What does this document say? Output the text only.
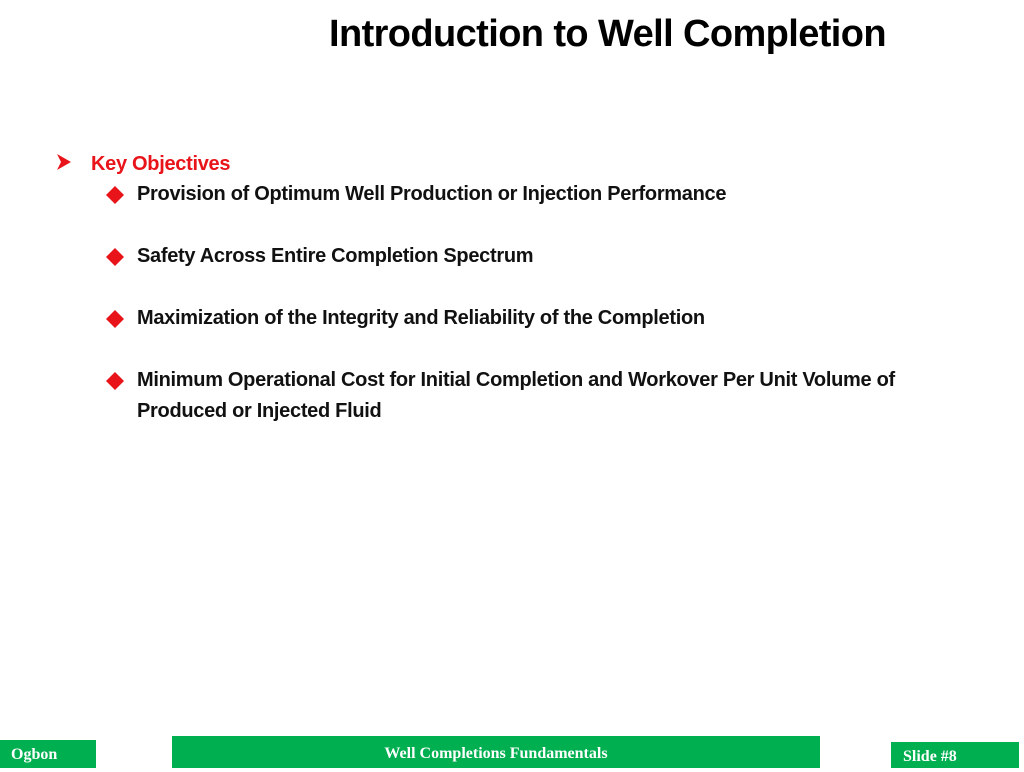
Introduction to Well Completion
Key Objectives
Provision of Optimum Well Production or Injection Performance
Safety Across Entire Completion Spectrum
Maximization of the Integrity and Reliability of the Completion
Minimum Operational Cost for Initial Completion and Workover Per Unit Volume of Produced or Injected Fluid
Ogbon	Well Completions Fundamentals	Slide #8
